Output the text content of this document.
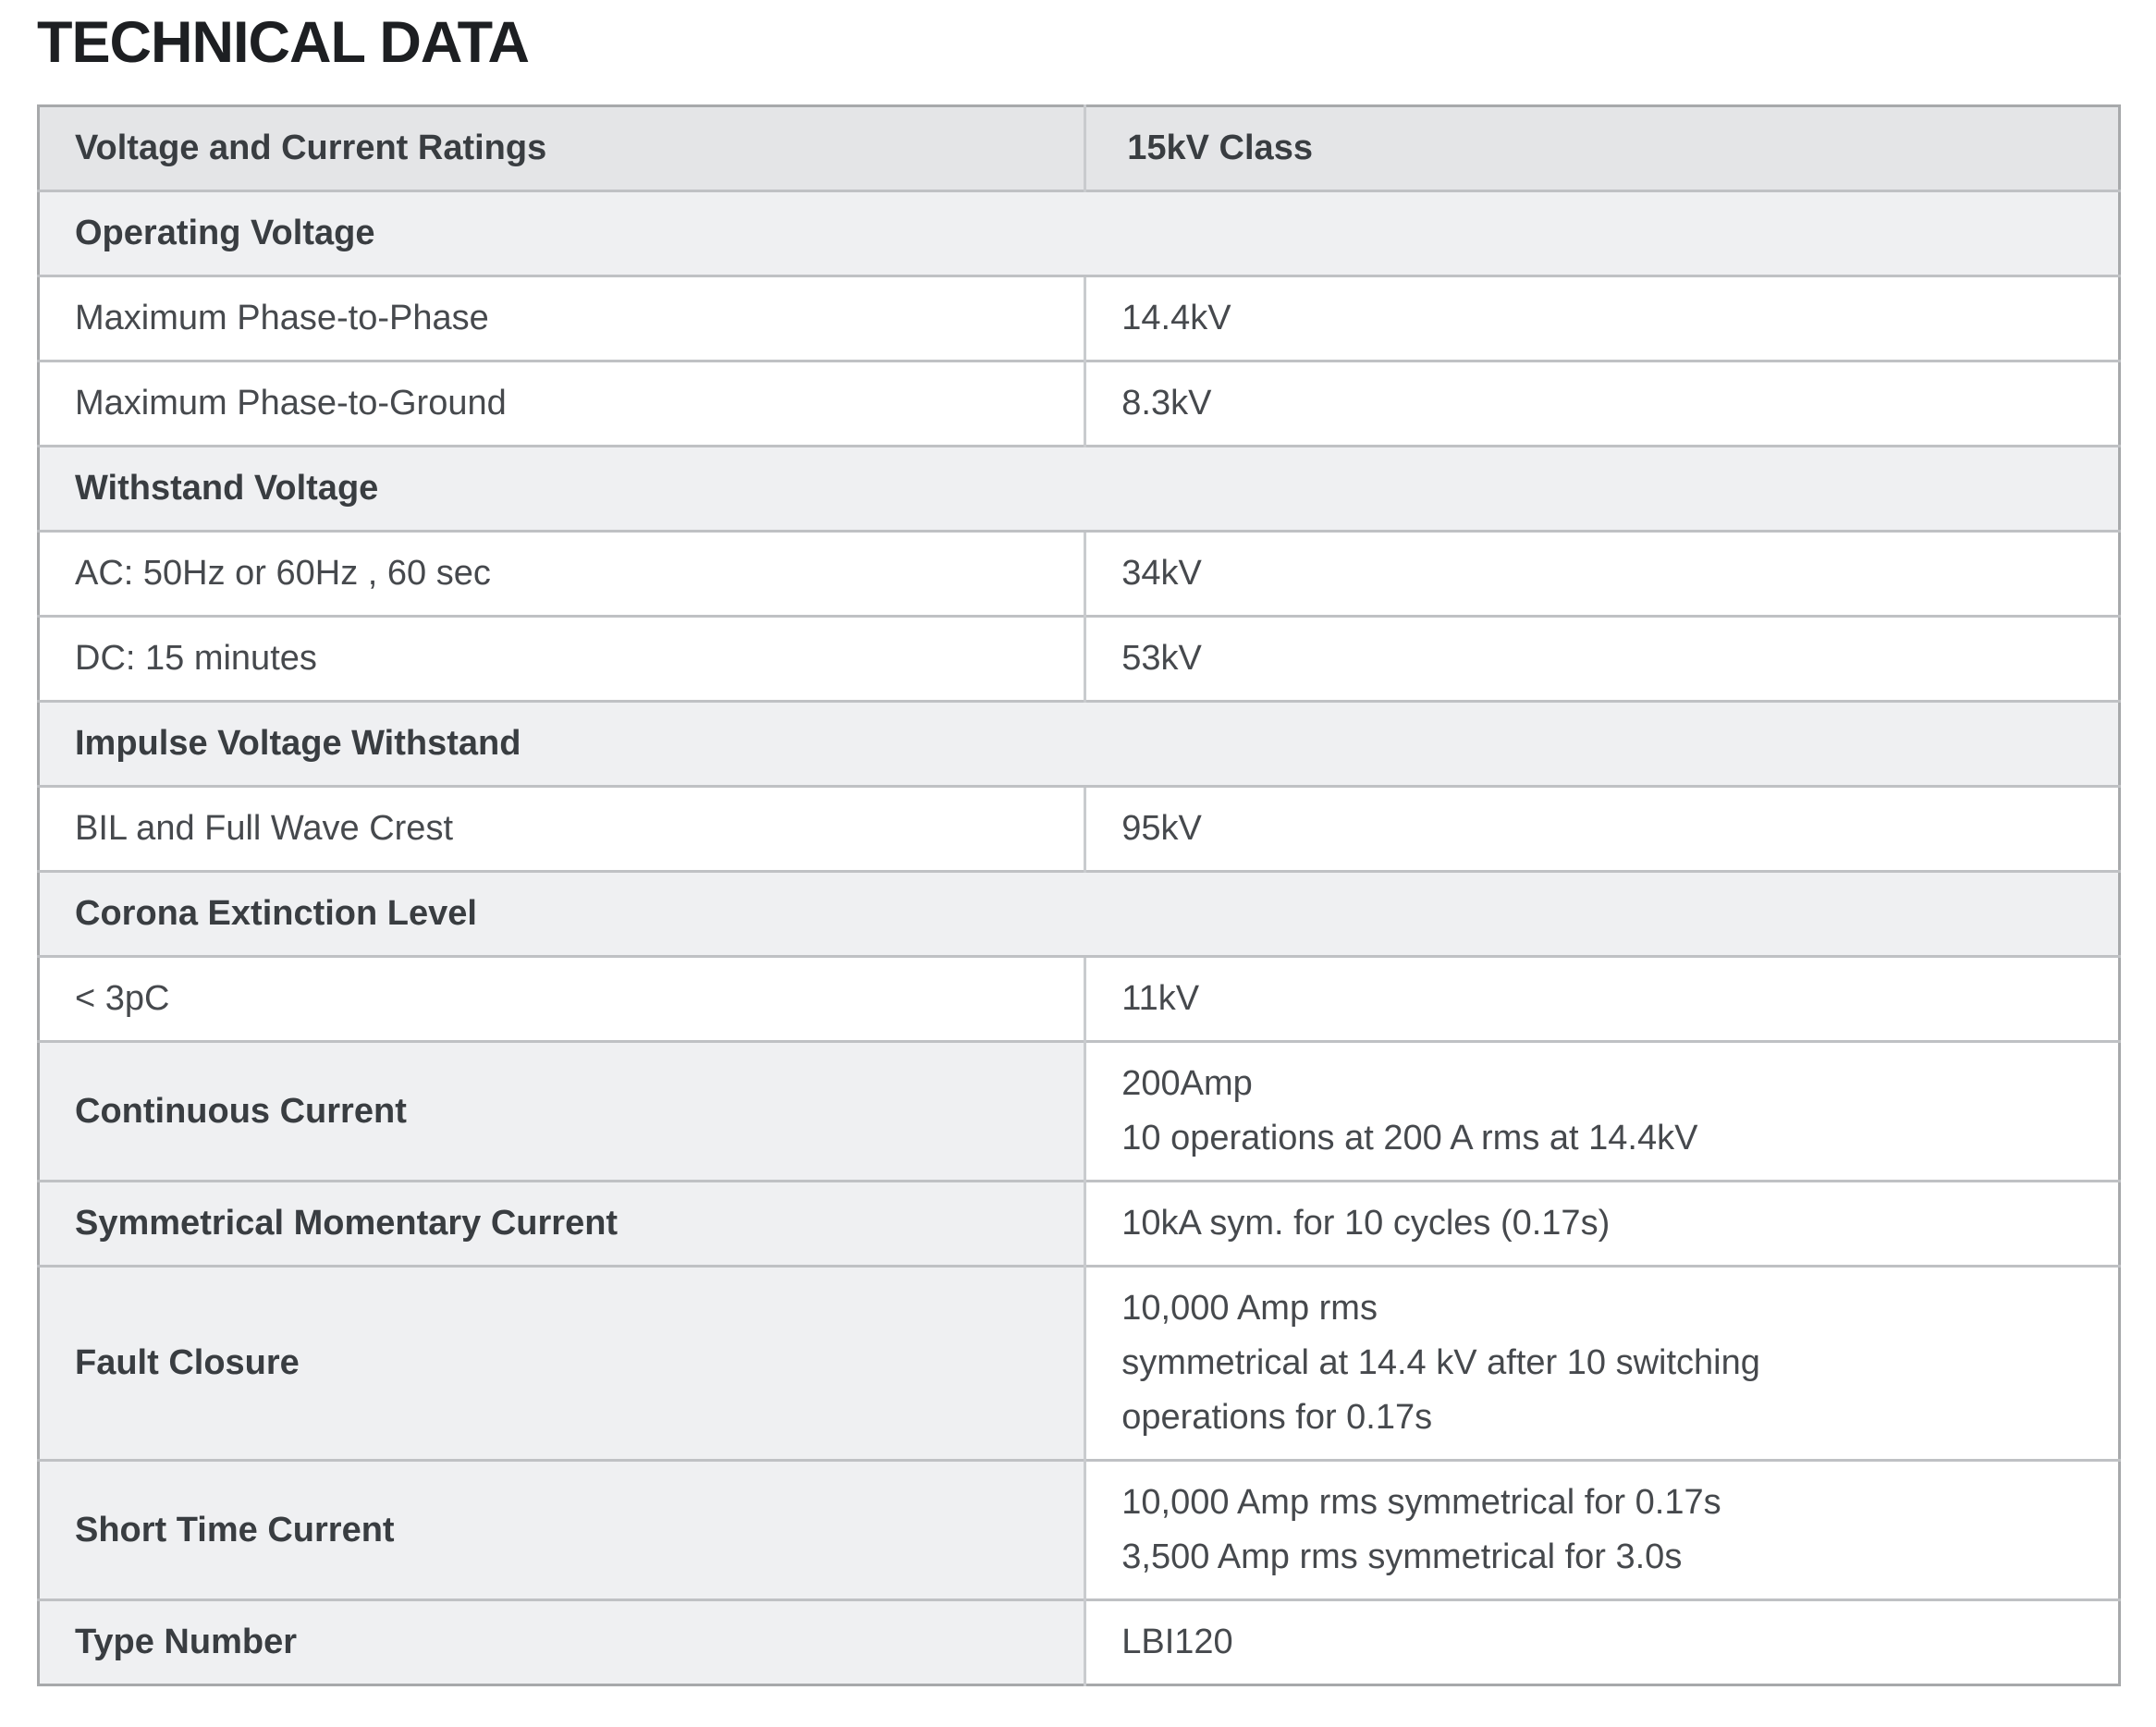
TECHNICAL DATA
Voltage and Current Ratings	15kV Class
Operating Voltage	
Maximum Phase-to-Phase	14.4kV
Maximum Phase-to-Ground	8.3kV
Withstand Voltage	
AC: 50Hz or 60Hz , 60 sec	34kV
DC: 15 minutes	53kV
Impulse Voltage Withstand	
BIL and Full Wave Crest	95kV
Corona Extinction Level	
< 3pC	11kV
Continuous Current	200Amp
10 operations at 200 A rms at 14.4kV

Symmetrical Momentary Current	10kA sym. for 10 cycles (0.17s)

Fault Closure	10,000 Amp rms
symmetrical at 14.4 kV after 10 switching
operations for 0.17s

Short Time Current	10,000 Amp rms symmetrical for 0.17s
3,500 Amp rms symmetrical for 3.0s

Type Number	LBI120
